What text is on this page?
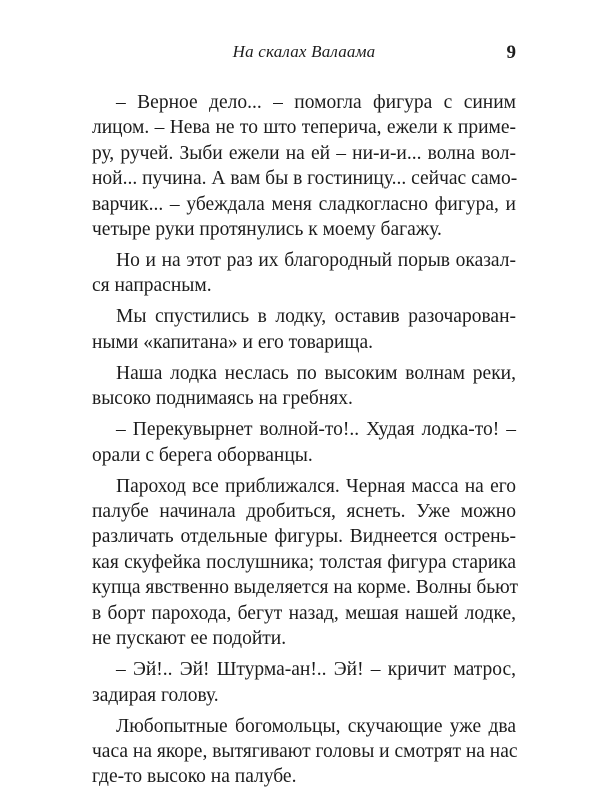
На скалах Валаама	9

– Верное дело... – помогла фигура с синим
лицом. – Нева не то што теперича, ежели к приме-
ру, ручей. Зыби ежели на ей – ни-и-и... волна вол-
ной... пучина. А вам бы в гостиницу... сейчас само-
варчик... – убеждала меня сладкогласно фигура, и
четыре руки протянулись к моему багажу.

Но и на этот раз их благородный порыв оказал-
ся напрасным.

Мы спустились в лодку, оставив разочарован-
ными «капитана» и его товарища.

Наша лодка неслась по высоким волнам реки,
высоко поднимаясь на гребнях.

– Перекувырнет волной-то!.. Худая лодка-то! –
орали с берега оборванцы.

Пароход все приближался. Черная масса на его
палубе начинала дробиться, яснеть. Уже можно
различать отдельные фигуры. Виднеется острень-
кая скуфейка послушника; толстая фигура старика
купца явственно выделяется на корме. Волны бьют
в борт парохода, бегут назад, мешая нашей лодке,
не пускают ее подойти.

– Эй!.. Эй! Штурма-ан!.. Эй! – кричит матрос,
задирая голову.

Любопытные богомольцы, скучающие уже два
часа на якоре, вытягивают головы и смотрят на нас
где-то высоко на палубе.
